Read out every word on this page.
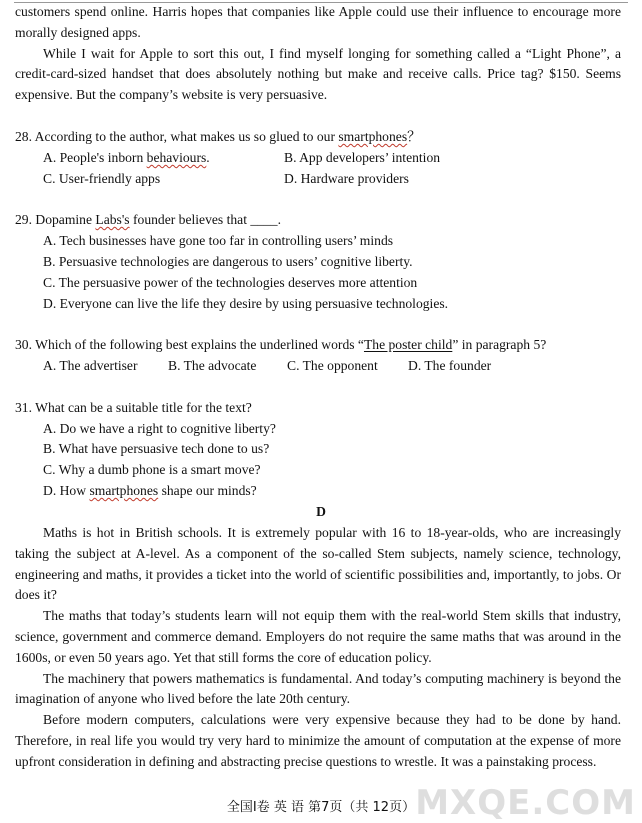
customers spend online. Harris hopes that companies like Apple could use their influence to encourage more morally designed apps.

While I wait for Apple to sort this out, I find myself longing for something called a “Light Phone”, a credit-card-sized handset that does absolutely nothing but make and receive calls. Price tag? $150. Seems expensive. But the company’s website is very persuasive.

28. According to the author, what makes us so glued to our smartphones？
A. People's inborn behaviours.	B. App developers’ intention
C. User-friendly apps	D. Hardware providers
29. Dopamine Labs's founder believes that ____.
A. Tech businesses have gone too far in controlling users’ minds
B. Persuasive technologies are dangerous to users’ cognitive liberty.
C. The persuasive power of the technologies deserves more attention
D. Everyone can live the life they desire by using persuasive technologies.
30. Which of the following best explains the underlined words “The poster child” in paragraph 5?
A. The advertiser B. The advocate C. The opponent D. The founder
31. What can be a suitable title for the text?
A. Do we have a right to cognitive liberty?
B. What have persuasive tech done to us?
C. Why a dumb phone is a smart move?
D. How smartphones shape our minds?
D

Maths is hot in British schools. It is extremely popular with 16 to 18-year-olds, who are increasingly taking the subject at A-level. As a component of the so-called Stem subjects, namely science, technology, engineering and maths, it provides a ticket into the world of scientific possibilities and, importantly, to jobs. Or does it?

The maths that today’s students learn will not equip them with the real-world Stem skills that industry, science, government and commerce demand. Employers do not require the same maths that was around in the 1600s, or even 50 years ago. Yet that still forms the core of education policy.

The machinery that powers mathematics is fundamental. And today’s computing machinery is beyond the imagination of anyone who lived before the late 20th century.

Before modern computers, calculations were very expensive because they had to be done by hand. Therefore, in real life you would try very hard to minimize the amount of computation at the expense of more upfront consideration in defining and abstracting precise questions to wrestle. It was a painstaking process.

全国I卷 英 语 第7页（共 12页） MXQE.COM
